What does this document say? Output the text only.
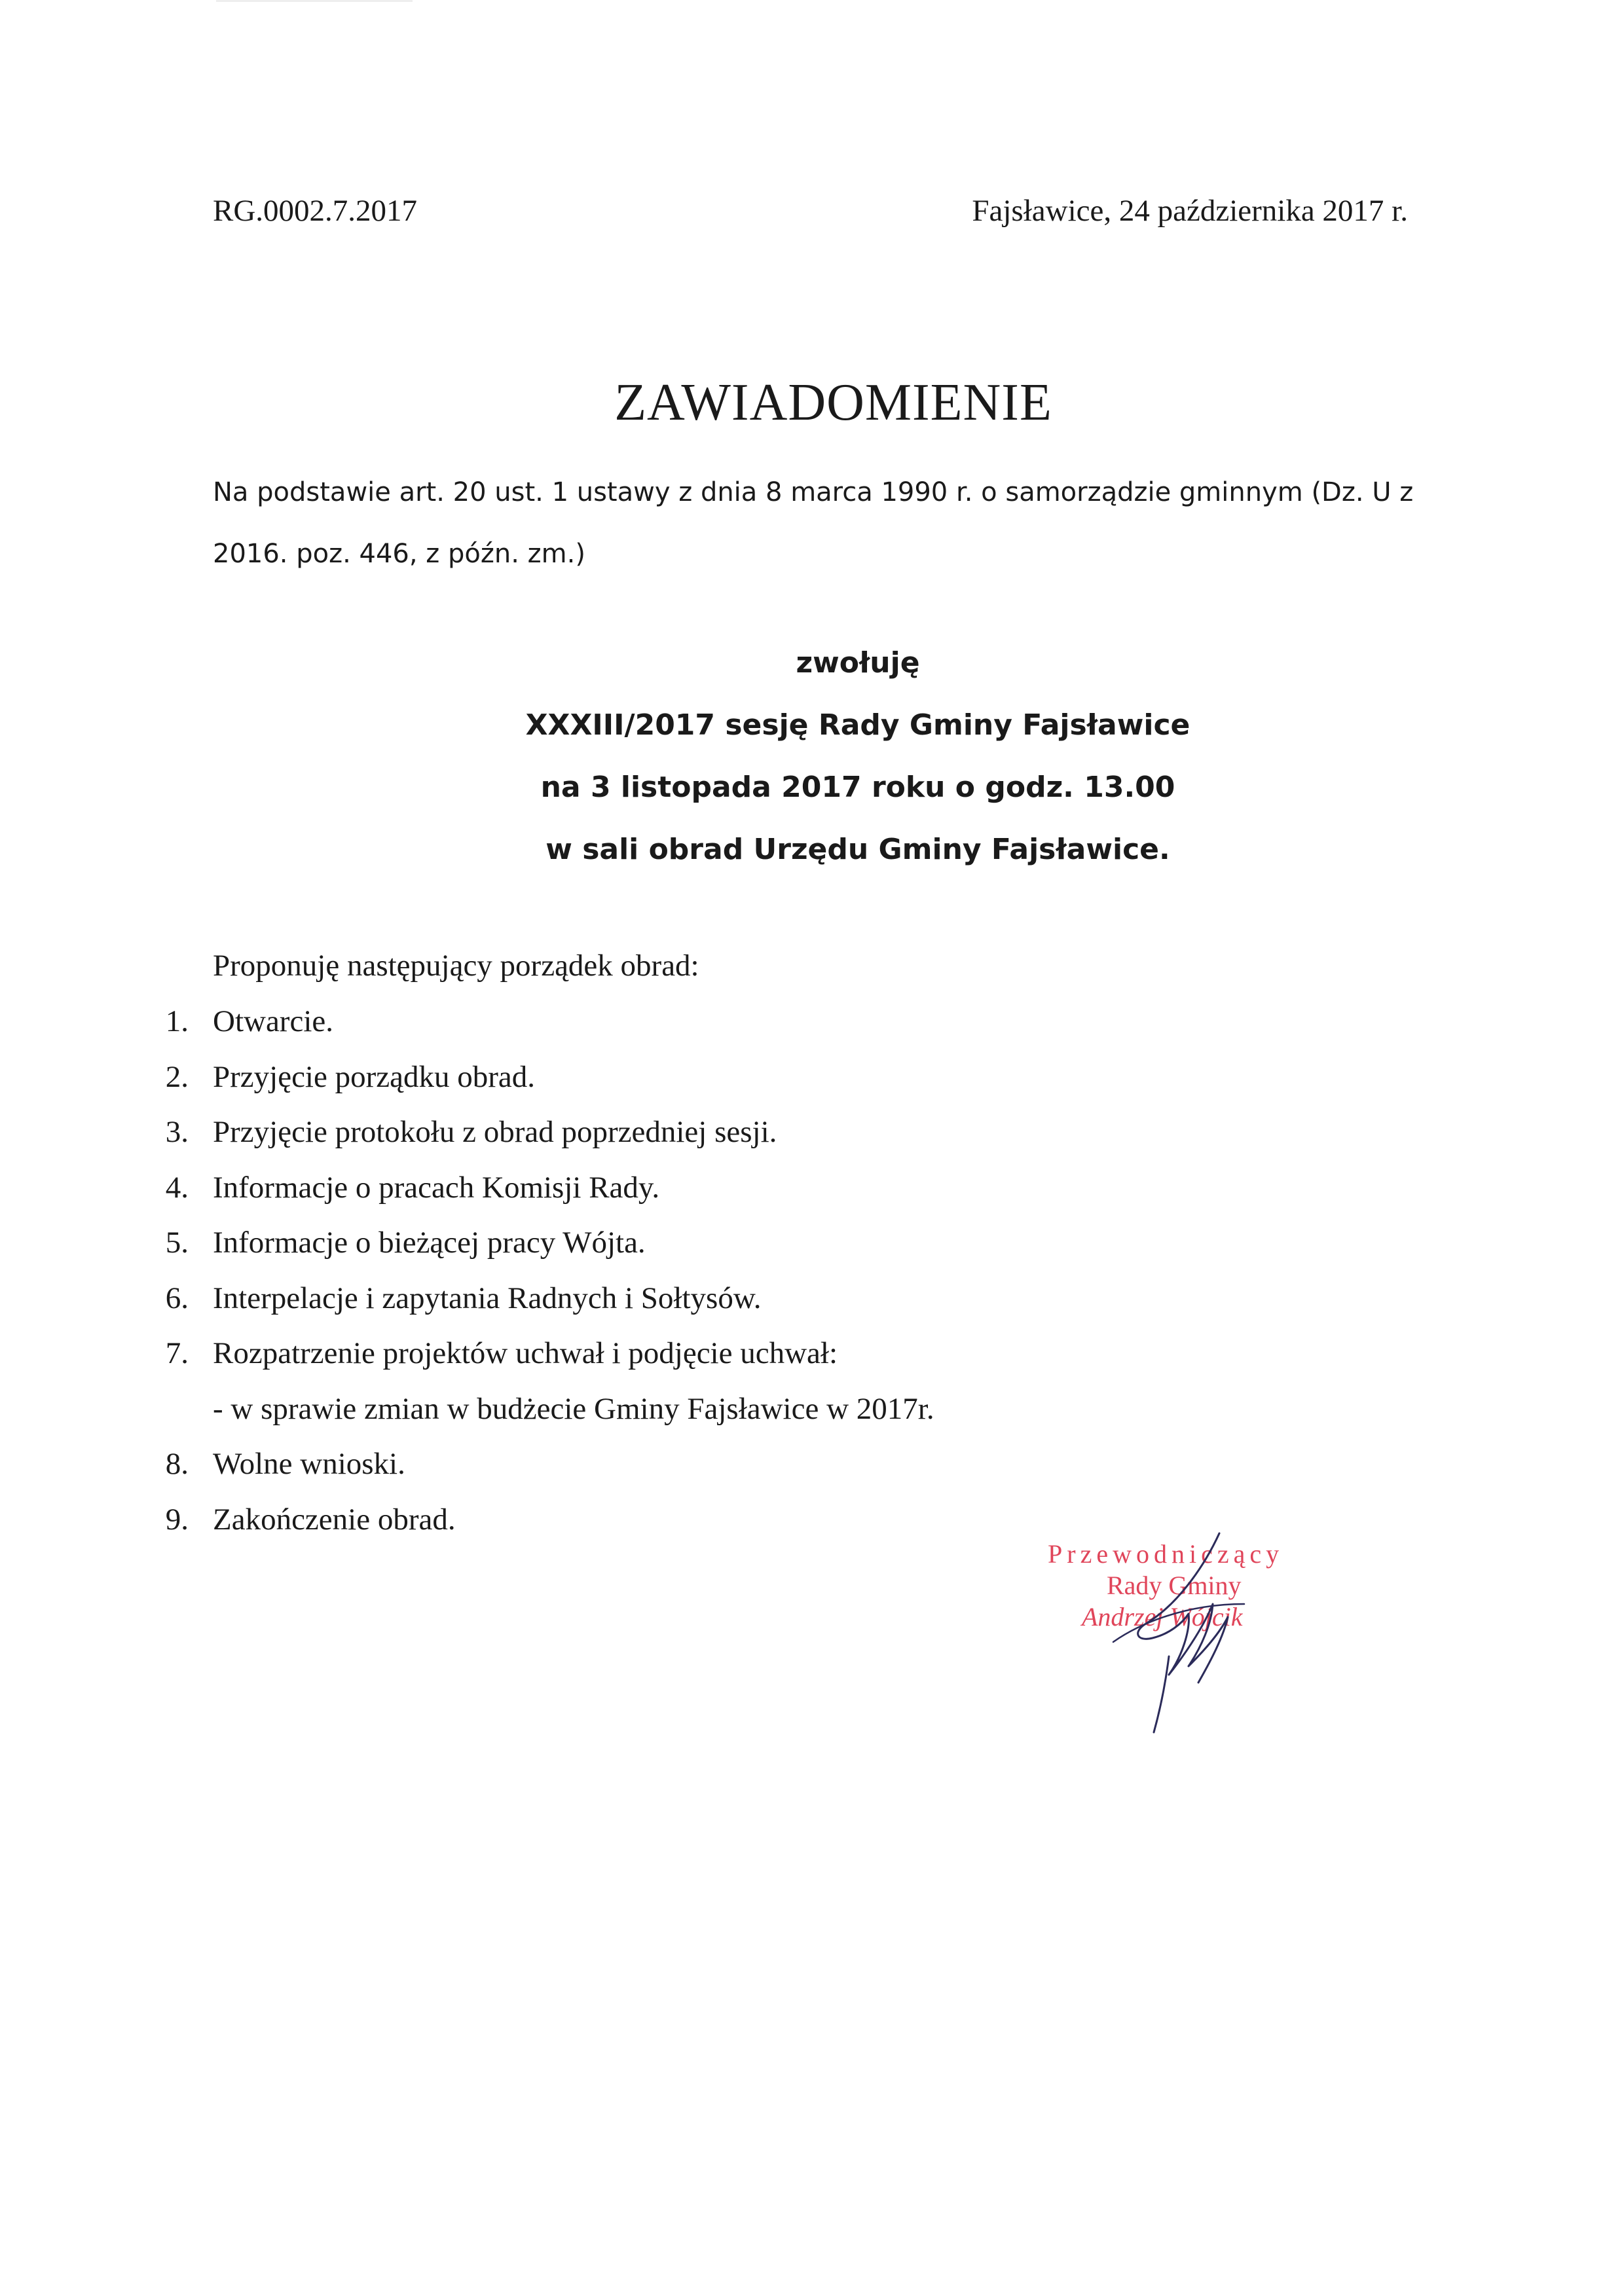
RG.0002.7.2017	Fajsławice, 24 października 2017 r.
ZAWIADOMIENIE
Na podstawie art. 20 ust. 1 ustawy z dnia 8 marca 1990 r. o samorządzie gminnym (Dz. U z 2016. poz. 446, z późn. zm.)
zwołuję
XXXIII/2017 sesję Rady Gminy Fajsławice
na 3 listopada 2017 roku o godz. 13.00
w sali obrad Urzędu Gminy Fajsławice.
Proponuję następujący porządek obrad:
1. Otwarcie.
2. Przyjęcie porządku obrad.
3. Przyjęcie protokołu z obrad poprzedniej sesji.
4. Informacje o pracach Komisji Rady.
5. Informacje o bieżącej pracy Wójta.
6. Interpelacje i zapytania Radnych i Sołtysów.
7. Rozpatrzenie projektów uchwał i podjęcie uchwał:
- w sprawie zmian w budżecie Gminy Fajsławice w 2017r.
8. Wolne wnioski.
9. Zakończenie obrad.
Przewodniczący
Rady Gminy
Andrzej Wójcik
